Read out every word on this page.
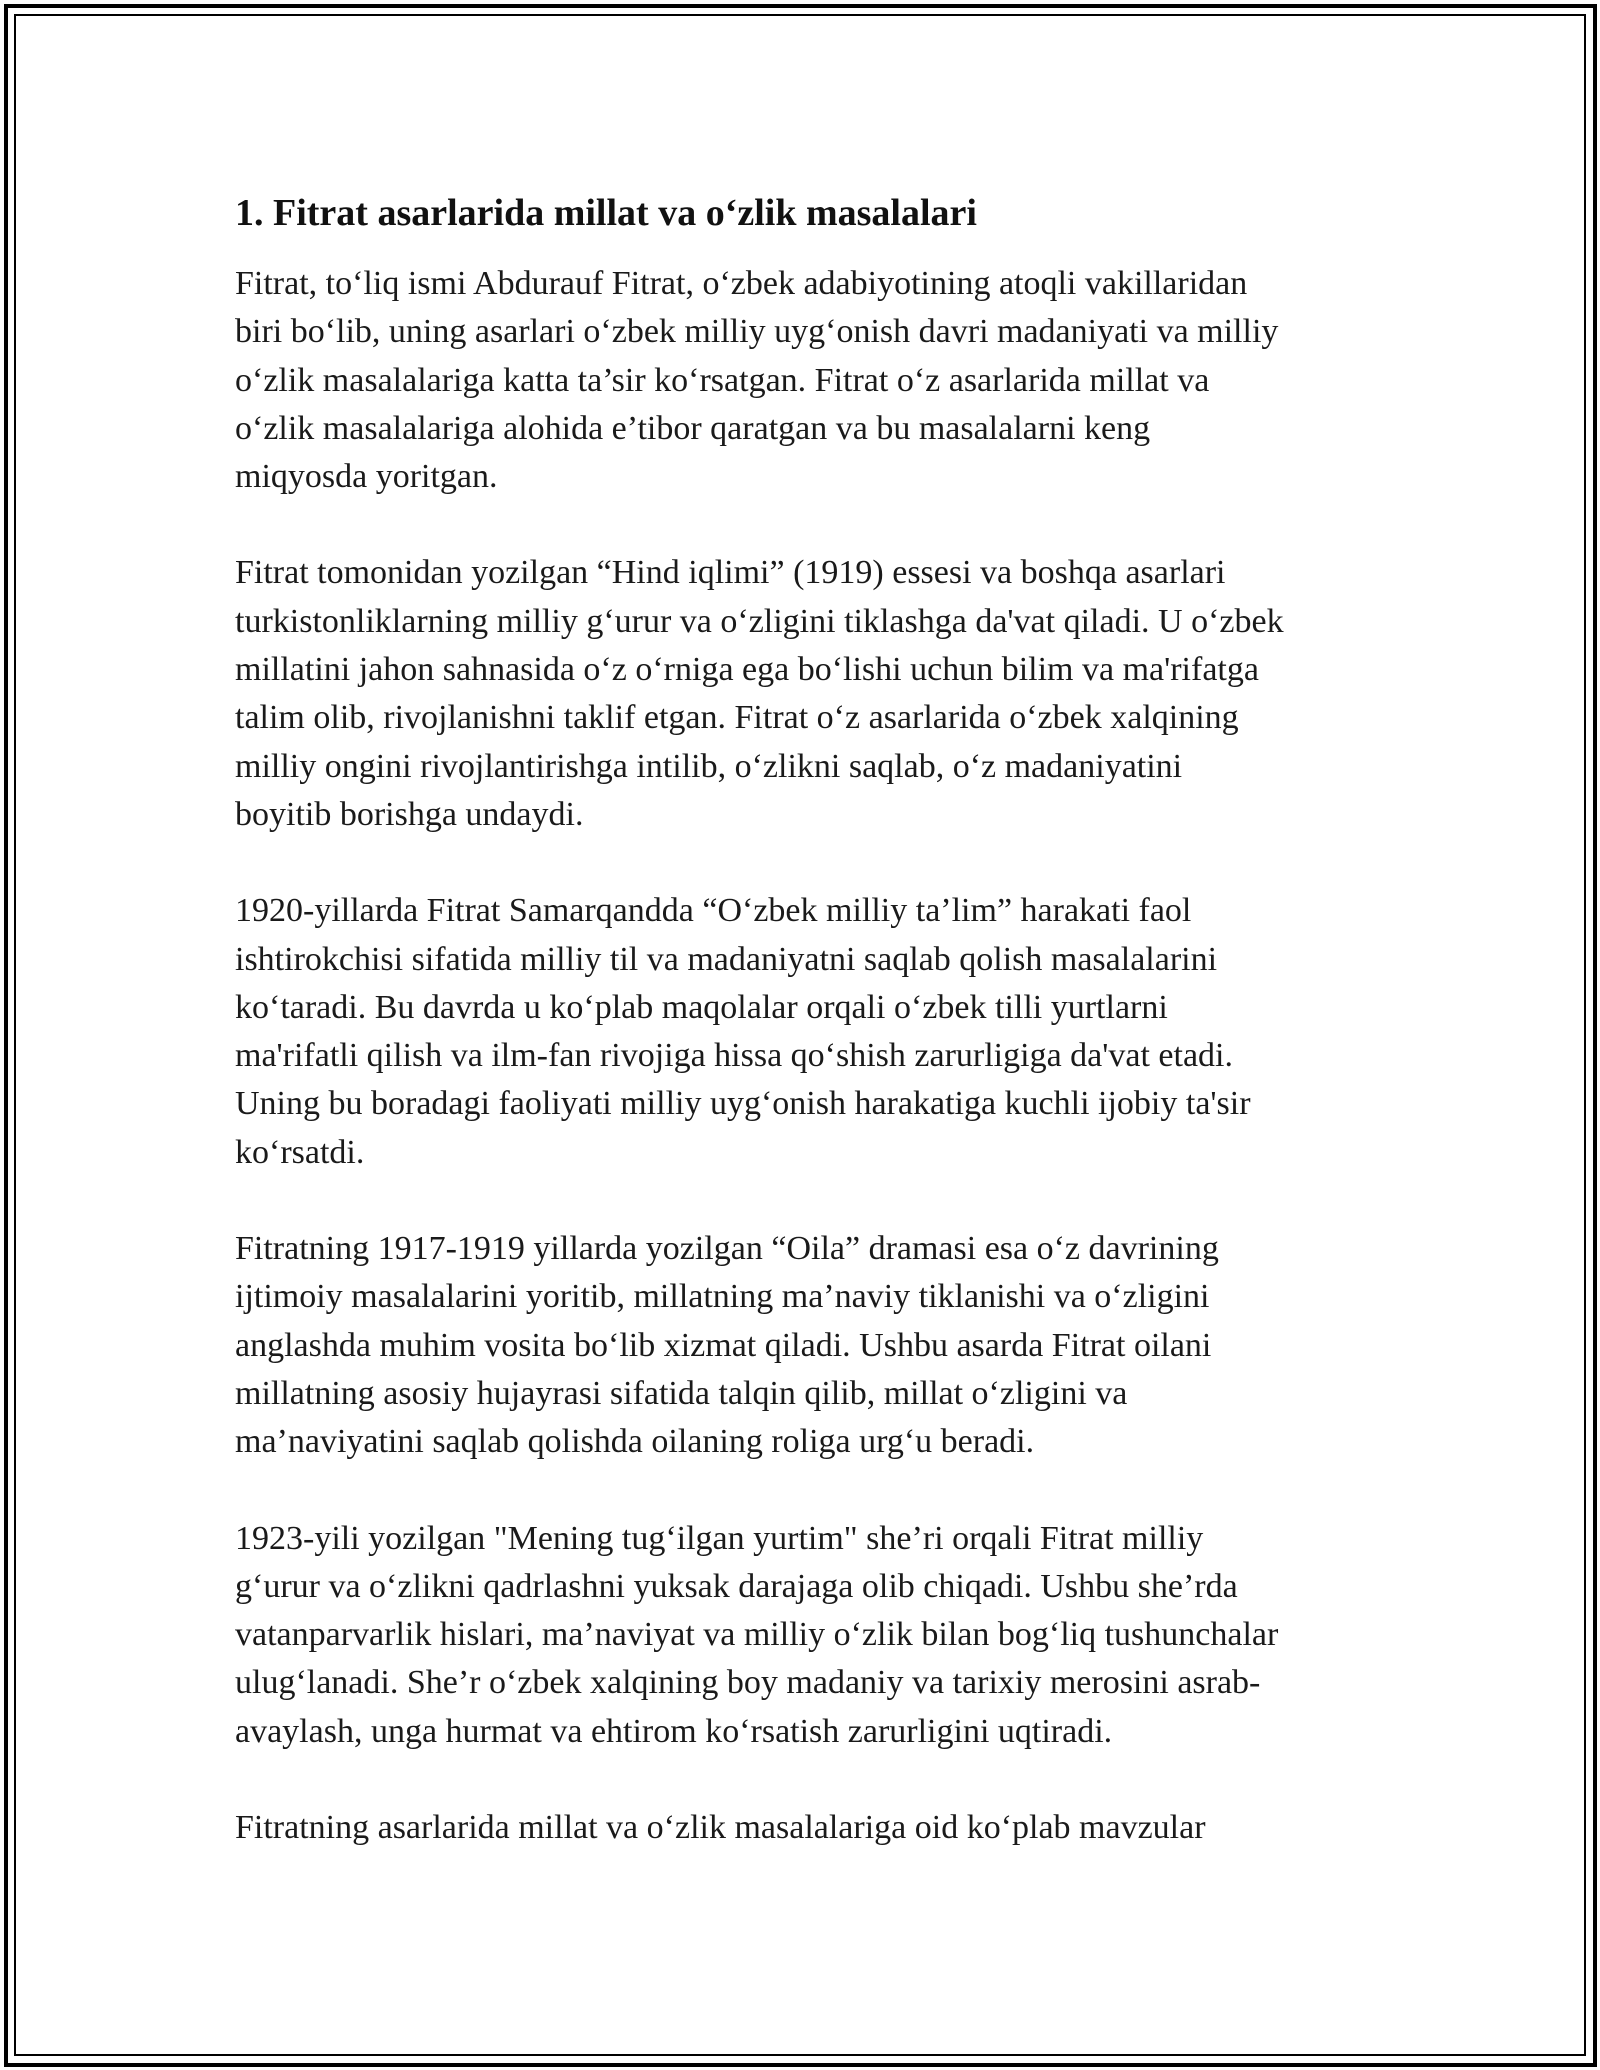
1. Fitrat asarlarida millat va o‘zlik masalalari

Fitrat, to‘liq ismi Abdurauf Fitrat, o‘zbek adabiyotining atoqli vakillaridan
biri bo‘lib, uning asarlari o‘zbek milliy uyg‘onish davri madaniyati va milliy
o‘zlik masalalariga katta ta’sir ko‘rsatgan. Fitrat o‘z asarlarida millat va
o‘zlik masalalariga alohida e’tibor qaratgan va bu masalalarni keng
miqyosda yoritgan.

Fitrat tomonidan yozilgan “Hind iqlimi” (1919) essesi va boshqa asarlari
turkistonliklarning milliy g‘urur va o‘zligini tiklashga da'vat qiladi. U o‘zbek
millatini jahon sahnasida o‘z o‘rniga ega bo‘lishi uchun bilim va ma'rifatga
talim olib, rivojlanishni taklif etgan. Fitrat o‘z asarlarida o‘zbek xalqining
milliy ongini rivojlantirishga intilib, o‘zlikni saqlab, o‘z madaniyatini
boyitib borishga undaydi.

1920-yillarda Fitrat Samarqandda “O‘zbek milliy ta’lim” harakati faol
ishtirokchisi sifatida milliy til va madaniyatni saqlab qolish masalalarini
ko‘taradi. Bu davrda u ko‘plab maqolalar orqali o‘zbek tilli yurtlarni
ma'rifatli qilish va ilm-fan rivojiga hissa qo‘shish zarurligiga da'vat etadi.
Uning bu boradagi faoliyati milliy uyg‘onish harakatiga kuchli ijobiy ta'sir
ko‘rsatdi.

Fitratning 1917-1919 yillarda yozilgan “Oila” dramasi esa o‘z davrining
ijtimoiy masalalarini yoritib, millatning ma’naviy tiklanishi va o‘zligini
anglashda muhim vosita bo‘lib xizmat qiladi. Ushbu asarda Fitrat oilani
millatning asosiy hujayrasi sifatida talqin qilib, millat o‘zligini va
ma’naviyatini saqlab qolishda oilaning roliga urg‘u beradi.

1923-yili yozilgan "Mening tug‘ilgan yurtim" she’ri orqali Fitrat milliy
g‘urur va o‘zlikni qadrlashni yuksak darajaga olib chiqadi. Ushbu she’rda
vatanparvarlik hislari, ma’naviyat va milliy o‘zlik bilan bog‘liq tushunchalar
ulug‘lanadi. She’r o‘zbek xalqining boy madaniy va tarixiy merosini asrab-
avaylash, unga hurmat va ehtirom ko‘rsatish zarurligini uqtiradi.

Fitratning asarlarida millat va o‘zlik masalalariga oid ko‘plab mavzular
